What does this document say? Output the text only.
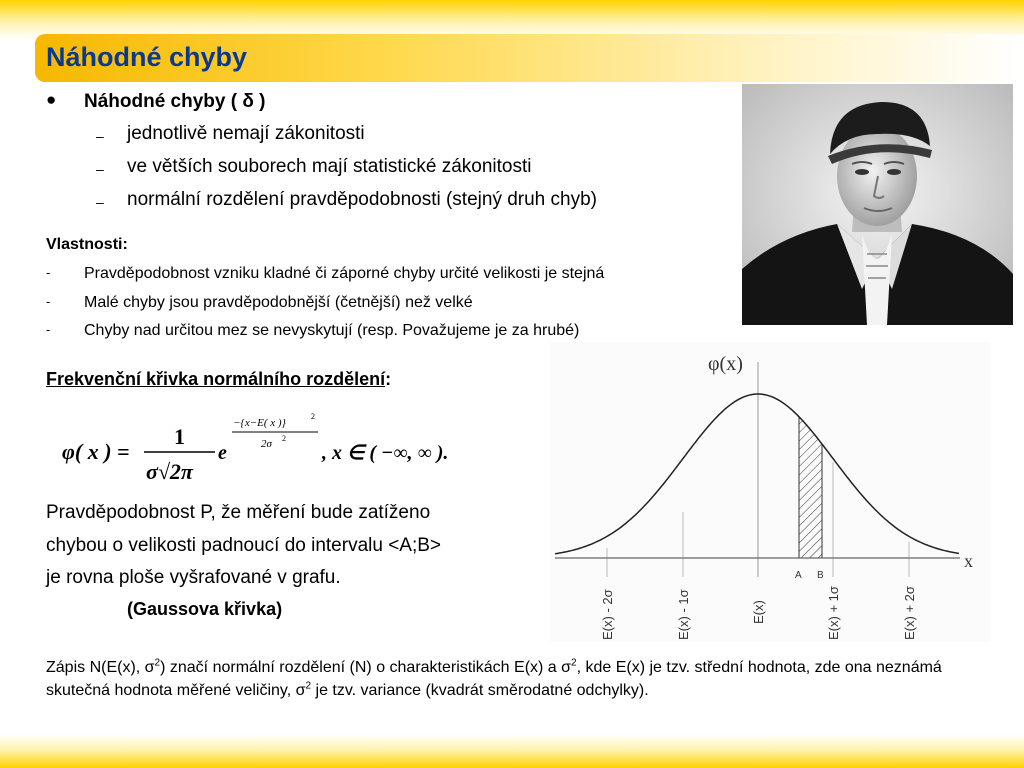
Náhodné chyby
● Náhodné chyby ( δ )
– jednotlivě nemají zákonitosti
– ve větších souborech mají statistické zákonitosti
– normální rozdělení pravděpodobnosti (stejný druh chyb)
Vlastnosti:
- Pravděpodobnost vzniku kladné či záporné chyby určité velikosti je stejná
- Malé chyby jsou pravděpodobnější (četnější) než velké
- Chyby nad určitou mez se nevyskytují (resp. Považujeme je za hrubé)
Frekvenční křivka normálního rozdělení:
φ( x ) =
1
σ√2π
e
−{x−E( x )}
2
2σ 2
, x ∈ ( −∞, ∞ ).
Pravděpodobnost P, že měření bude zatíženo
chybou o velikosti padnoucí do intervalu <A;B>
je rovna ploše vyšrafované v grafu.
(Gaussova křivka)
φ(x)
x
A B
E(x) - 2σ	E(x) - 1σ	E(x)	E(x) + 1σ	E(x) + 2σ
Zápis N(E(x), $\sigma^2$) značí normální rozdělení (N) o charakteristikách E(x) a $\sigma^2$, kde E(x) je tzv. střední hodnota, zde ona neznámá skutečná hodnota měřené veličiny, $\sigma^2$ je tzv. variance (kvadrát směrodatné odchylky).
